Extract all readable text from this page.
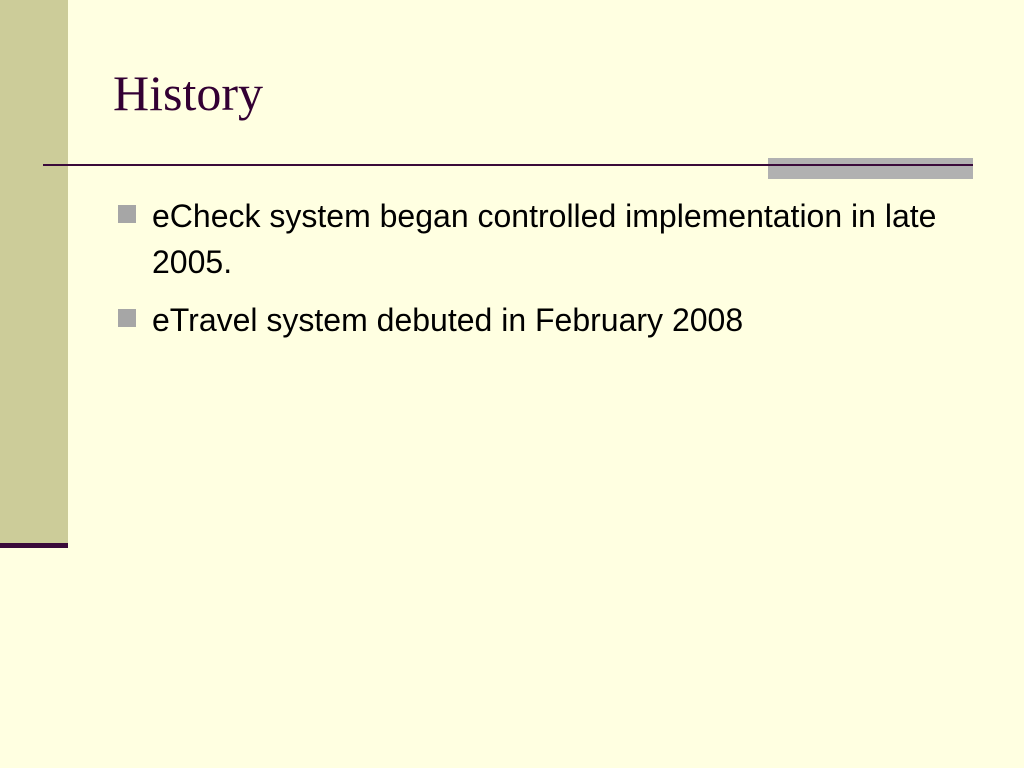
History
eCheck system began controlled implementation in late 2005.
eTravel system debuted in February 2008
